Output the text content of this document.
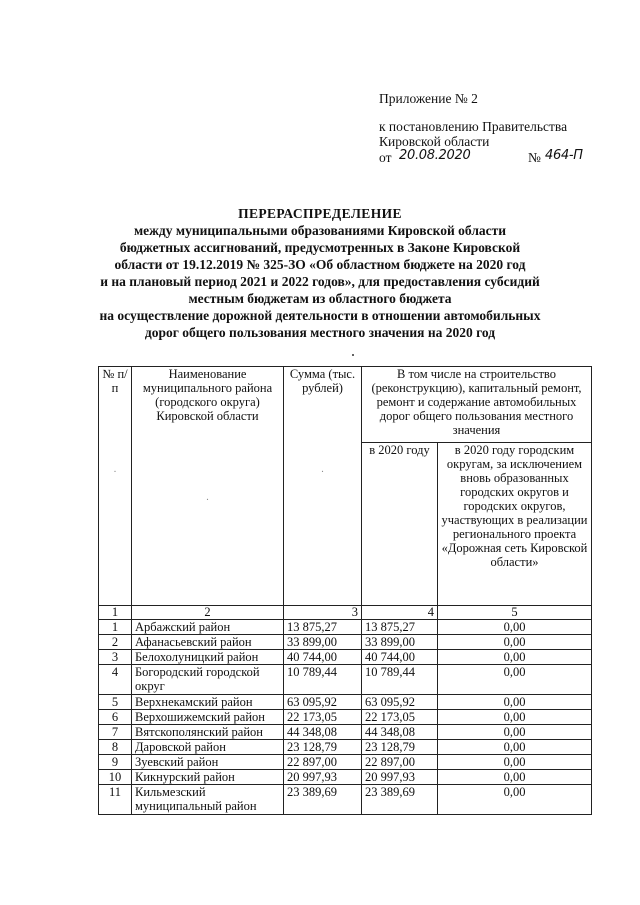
Приложение № 2
к постановлению Правительства
Кировской области
от 20.08.2020	№ 464-П
ПЕРЕРАСПРЕДЕЛЕНИЕ
между муниципальными образованиями Кировской области
бюджетных ассигнований, предусмотренных в Законе Кировской
области от 19.12.2019 № 325-ЗО «Об областном бюджете на 2020 год
и на плановый период 2021 и 2022 годов», для предоставления субсидий
местным бюджетам из областного бюджета
на осуществление дорожной деятельности в отношении автомобильных
дорог общего пользования местного значения на 2020 год
№ п/п
.	Наименование муниципального района (городского округа) Кировской области
.	Сумма (тыс. рублей)
.	В том числе на строительство (реконструкцию), капитальный ремонт, ремонт и содержание автомобильных дорог общего пользования местного значения	
			в 2020 году	в 2020 году городским округам, за исключением вновь образованных городских округов и городских округов, участвующих в реализации регионального проекта «Дорожная сеть Кировской области»
1	2	3	4	5
1	Арбажский район	13 875,27	13 875,27	0,00
2	Афанасьевский район	33 899,00	33 899,00	0,00
3	Белохолуницкий район	40 744,00	40 744,00	0,00
4	Богородский городской округ	10 789,44	10 789,44	0,00
5	Верхнекамский район	63 095,92	63 095,92	0,00
6	Верхошижемский район	22 173,05	22 173,05	0,00
7	Вятскополянский район	44 348,08	44 348,08	0,00
8	Даровской район	23 128,79	23 128,79	0,00
9	Зуевский район	22 897,00	22 897,00	0,00
10	Кикнурский район	20 997,93	20 997,93	0,00
11	Кильмезский муниципальный район	23 389,69	23 389,69	0,00
